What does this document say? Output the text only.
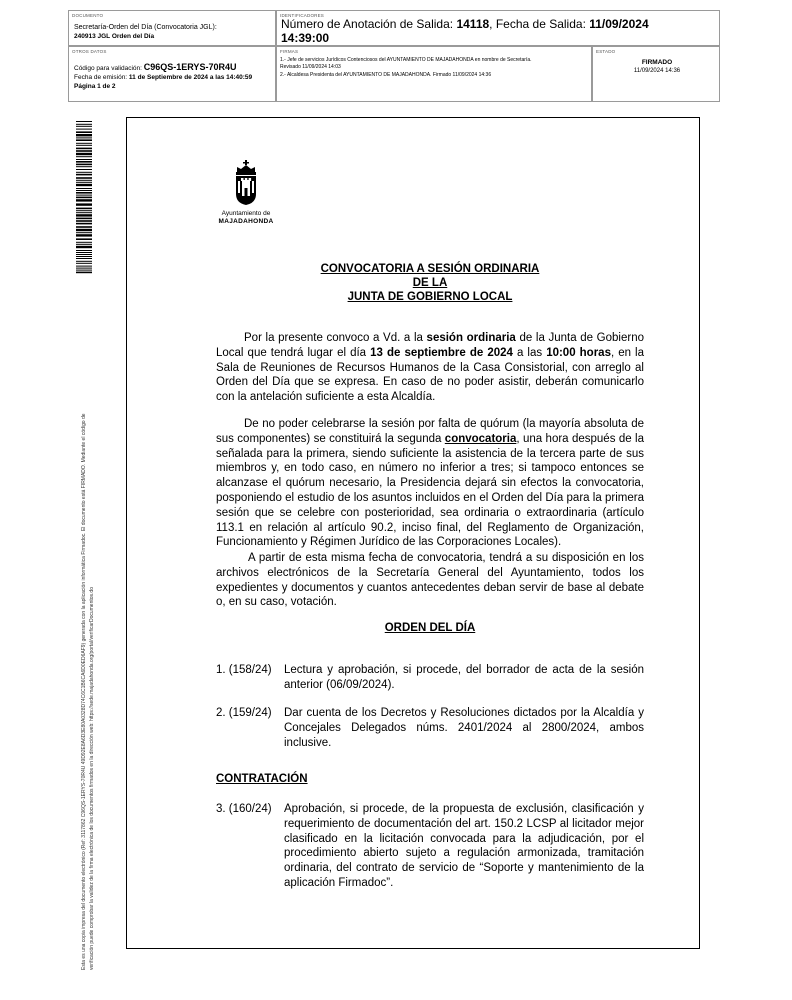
DOCUMENTO
Secretaría-Orden del Día (Convocatoria JGL):
240913 JGL Orden del Día
IDENTIFICADORES
Número de Anotación de Salida: 14118, Fecha de Salida: 11/09/2024
14:39:00
OTROS DATOS
Código para validación: C96QS-1ERYS-70R4U
Fecha de emisión: 11 de Septiembre de 2024 a las 14:40:59
Página 1 de 2
FIRMAS
1.- Jefe de servicios Jurídicos Contenciosos del AYUNTAMIENTO DE MAJADAHONDA en nombre de Secretaría.
Revisado 11/09/2024 14:03
2.- Alcaldesa Presidenta del AYUNTAMIENTO DE MAJADAHONDA. Firmado 11/09/2024 14:36
ESTADO
FIRMADO
11/09/2024 14:36
Esta es una copia impresa del documento electrónico (Ref: 3117862 C96QS-1ERYS-70R4U 49D92E8A6D3E80A0328D74C6C1B6CA6D0ED6AF9) generada con la aplicación informática Firmadoc. El documento está FIRMADO. Mediante el código de verificación puede comprobar la validez de la firma electrónica de los documentos firmados en la dirección web: https://sede.majadahonda.org/portal/verificarDocumentos.do
Ayuntamiento de
MAJADAHONDA
CONVOCATORIA A SESIÓN ORDINARIA
DE LA
JUNTA DE GOBIERNO LOCAL
Por la presente convoco a Vd. a la sesión ordinaria de la Junta de Gobierno Local que tendrá lugar el día 13 de septiembre de 2024 a las 10:00 horas, en la Sala de Reuniones de Recursos Humanos de la Casa Consistorial, con arreglo al Orden del Día que se expresa. En caso de no poder asistir, deberán comunicarlo con la antelación suficiente a esta Alcaldía.
De no poder celebrarse la sesión por falta de quórum (la mayoría absoluta de sus componentes) se constituirá la segunda convocatoria, una hora después de la señalada para la primera, siendo suficiente la asistencia de la tercera parte de sus miembros y, en todo caso, en número no inferior a tres; si tampoco entonces se alcanzase el quórum necesario, la Presidencia dejará sin efectos la convocatoria, posponiendo el estudio de los asuntos incluidos en el Orden del Día para la primera sesión que se celebre con posterioridad, sea ordinaria o extraordinaria (artículo 113.1 en relación al artículo 90.2, inciso final, del Reglamento de Organización, Funcionamiento y Régimen Jurídico de las Corporaciones Locales).
A partir de esta misma fecha de convocatoria, tendrá a su disposición en los archivos electrónicos de la Secretaría General del Ayuntamiento, todos los expedientes y documentos y cuantos antecedentes deban servir de base al debate o, en su caso, votación.
ORDEN DEL DÍA
1. (158/24) Lectura y aprobación, si procede, del borrador de acta de la sesión anterior (06/09/2024).
2. (159/24) Dar cuenta de los Decretos y Resoluciones dictados por la Alcaldía y Concejales Delegados núms. 2401/2024 al 2800/2024, ambos inclusive.
CONTRATACIÓN
3. (160/24) Aprobación, si procede, de la propuesta de exclusión, clasificación y requerimiento de documentación del art. 150.2 LCSP al licitador mejor clasificado en la licitación convocada para la adjudicación, por el procedimiento abierto sujeto a regulación armonizada, tramitación ordinaria, del contrato de servicio de “Soporte y mantenimiento de la aplicación Firmadoc”.
